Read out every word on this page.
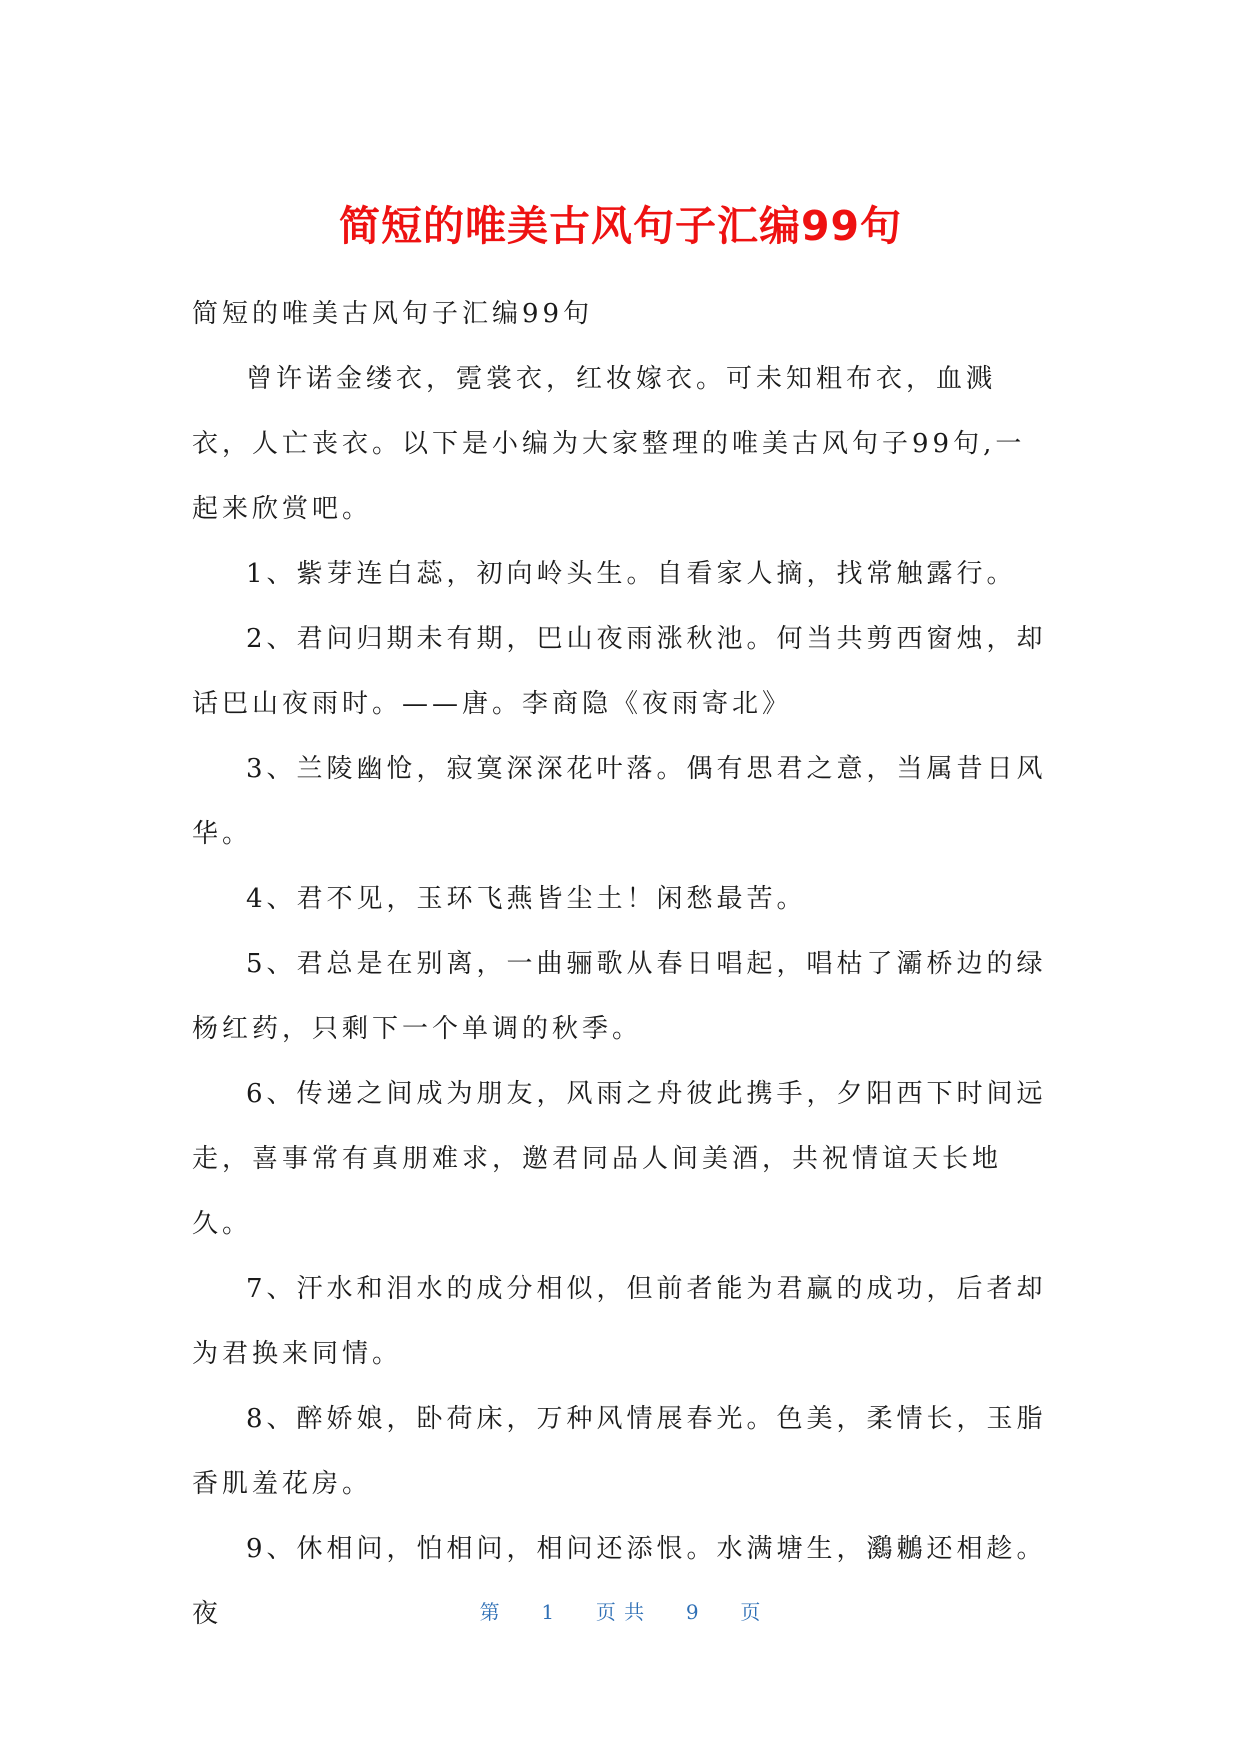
简短的唯美古风句子汇编99句

简短的唯美古风句子汇编99句

曾许诺金缕衣，霓裳衣，红妆嫁衣。可未知粗布衣，血溅衣，人亡丧衣。以下是小编为大家整理的唯美古风句子99句,一起来欣赏吧。

1、紫芽连白蕊，初向岭头生。自看家人摘，找常触露行。

2、君问归期未有期，巴山夜雨涨秋池。何当共剪西窗烛，却话巴山夜雨时。——唐。李商隐《夜雨寄北》

3、兰陵幽怆，寂寞深深花叶落。偶有思君之意，当属昔日风华。

4、君不见，玉环飞燕皆尘土！闲愁最苦。

5、君总是在别离，一曲骊歌从春日唱起，唱枯了灞桥边的绿杨红药，只剩下一个单调的秋季。

6、传递之间成为朋友，风雨之舟彼此携手，夕阳西下时间远走，喜事常有真朋难求，邀君同品人间美酒，共祝情谊天长地久。

7、汗水和泪水的成分相似，但前者能为君赢的成功，后者却为君换来同情。

8、醉娇娘，卧荷床，万种风情展春光。色美，柔情长，玉脂香肌羞花房。

9、休相问，怕相问，相问还添恨。水满塘生，鸂鶒还相趁。夜	第 1 页 共 9 页
